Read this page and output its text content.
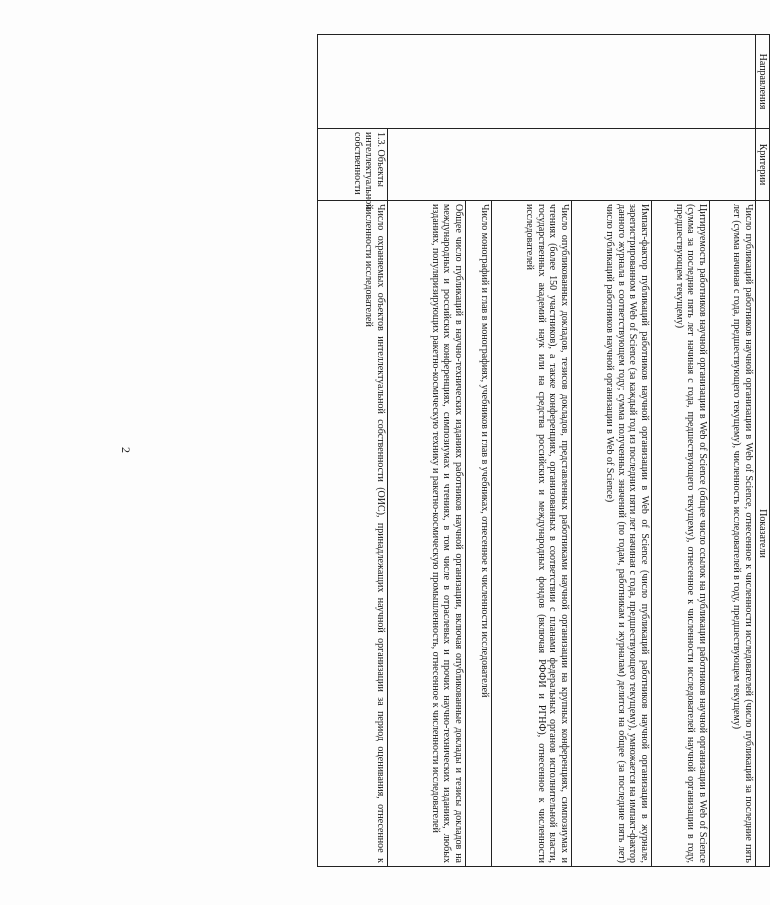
2
Направления	Критерии	Показатели
		Число публикаций работников научной организации в Web of Science, отнесенное к численности исследователей (число публикаций за последние пять лет (сумма начиная с года, предшествующего текущему), численность исследователей в году, предшествующем текущему)
		Цитируемость работников научной организации в Web of Science (общее число ссылок на публикации работников научной организации в Web of Science (сумма за последние пять лет начиная с года, предшествующего текущему), отнесенное к численности исследователей научной организации в году, предшествующем текущему)
		Импакт-фактор публикаций работников научной организации в Web of Science (число публикаций работников научной организации в журнале, зарегистрированном в Web of Science (за каждый год из последних пяти лет начиная с года, предшествующего текущему), умножается на импакт-фактор данного журнала в соответствующем году; сумма полученных значений (по годам, работникам и журналам) делится на общее (за последние пять лет) число публикаций работников научной организации в Web of Science)
		Число опубликованных докладов, тезисов докладов, представленных работниками научной организации на крупных конференциях, симпозиумах и чтениях (более 150 участников), а также конференциях, организованных в соответствии с планами федеральных органов исполнительной власти, государственных академий наук или на средства российских и международных фондов (включая РФФИ и РГНФ), отнесенное к численности исследователей
		Число монографий и глав в монографиях, учебников и глав в учебниках, отнесенное к численности исследователей
		Общее число публикаций в научно-технических изданиях работников научной организации, включая опубликованные доклады и тезисы докладов на международных и российских конференциях, симпозиумах и чтениях, в том числе в отраслевых и прочих научно-технических изданиях, любых изданиях, популяризирующих ракетно-космическую технику и ракетно-космическую промышленность, отнесенное к численности исследователей
	1.3. Объекты интеллектуальной собственности	Число охраняемых объектов интеллектуальной собственности (ОИС), принадлежащих научной организации за период оценивания, отнесенное к численности исследователей
